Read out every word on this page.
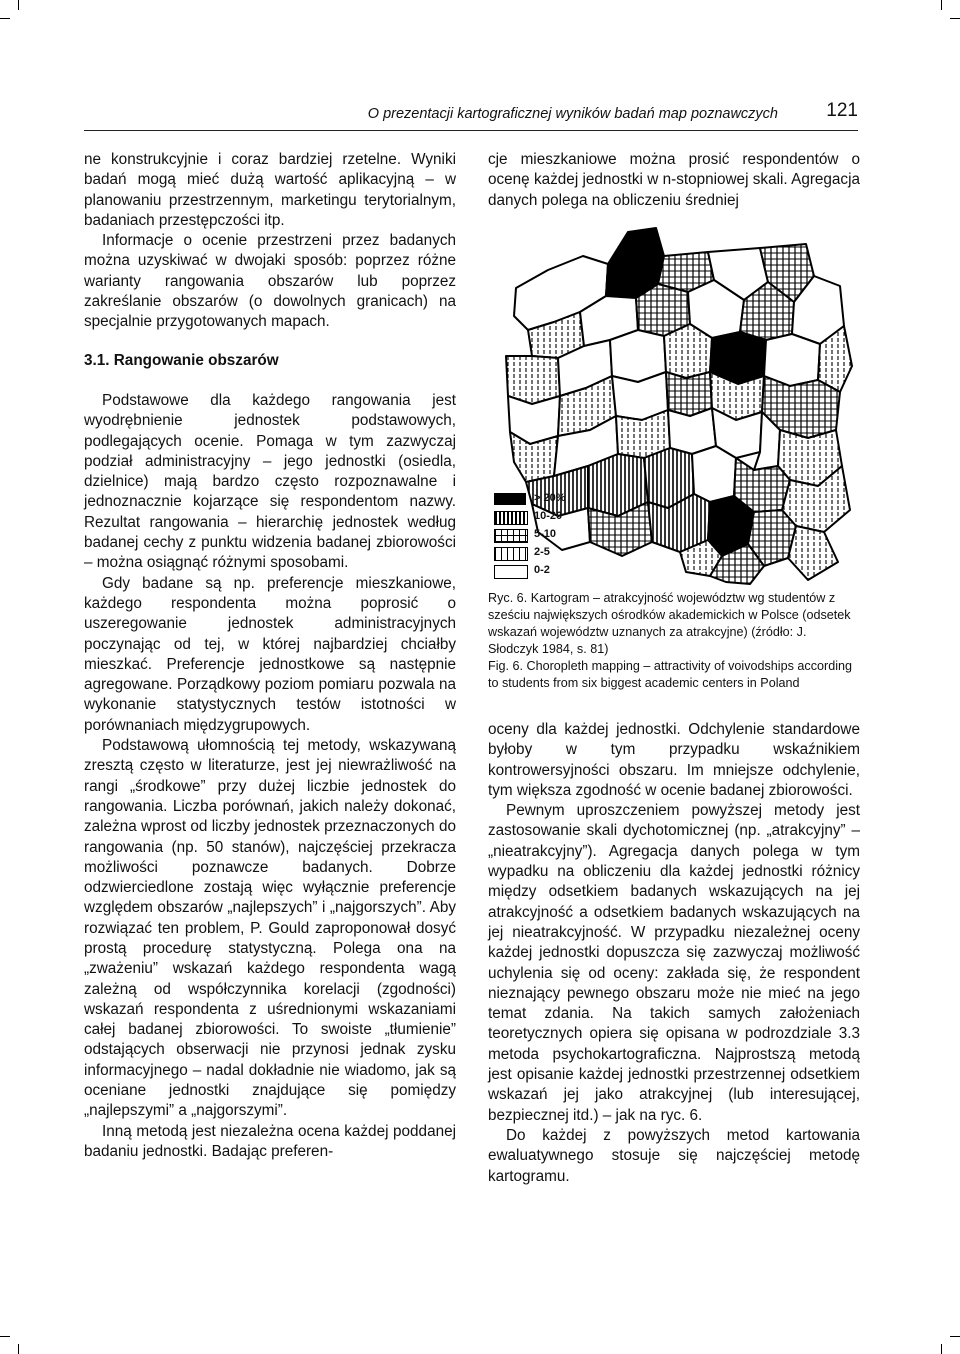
O prezentacji kartograficznej wyników badań map poznawczych	121

ne konstrukcyjnie i coraz bardziej rzetelne. Wyniki badań mogą mieć dużą wartość aplikacyjną – w planowaniu przestrzennym, marketingu terytorialnym, badaniach przestępczości itp.

Informacje o ocenie przestrzeni przez badanych można uzyskiwać w dwojaki sposób: poprzez różne warianty rangowania obszarów lub poprzez zakreślanie obszarów (o dowolnych granicach) na specjalnie przygotowanych mapach.

3.1. Rangowanie obszarów

Podstawowe dla każdego rangowania jest wyodrębnienie jednostek podstawowych, podlegających ocenie. Pomaga w tym zazwyczaj podział administracyjny – jego jednostki (osiedla, dzielnice) mają bardzo często rozpoznawalne i jednoznacznie kojarzące się respondentom nazwy. Rezultat rangowania – hierarchię jednostek według badanej cechy z punktu widzenia badanej zbiorowości – można osiągnąć różnymi sposobami.

Gdy badane są np. preferencje mieszkaniowe, każdego respondenta można poprosić o uszeregowanie jednostek administracyjnych poczynając od tej, w której najbardziej chciałby mieszkać. Preferencje jednostkowe są następnie agregowane. Porządkowy poziom pomiaru pozwala na wykonanie statystycznych testów istotności w porównaniach międzygrupowych.

Podstawową ułomnością tej metody, wskazywaną zresztą często w literaturze, jest jej niewrażliwość na rangi „środkowe” przy dużej liczbie jednostek do rangowania. Liczba porównań, jakich należy dokonać, zależna wprost od liczby jednostek przeznaczonych do rangowania (np. 50 stanów), najczęściej przekracza możliwości poznawcze badanych. Dobrze odzwierciedlone zostają więc wyłącznie preferencje względem obszarów „najlepszych” i „najgorszych”. Aby rozwiązać ten problem, P. Gould zaproponował dosyć prostą procedurę statystyczną. Polega ona na „zważeniu” wskazań każdego respondenta wagą zależną od współczynnika korelacji (zgodności) wskazań respondenta z uśrednionymi wskazaniami całej badanej zbiorowości. To swoiste „tłumienie” odstających obserwacji nie przynosi jednak zysku informacyjnego – nadal dokładnie nie wiadomo, jak są oceniane jednostki znajdujące się pomiędzy „najlepszymi” a „najgorszymi”.

Inną metodą jest niezależna ocena każdej poddanej badaniu jednostki. Badając preferen-

cje mieszkaniowe można prosić respondentów o ocenę każdej jednostki w n-stopniowej skali. Agregacja danych polega na obliczeniu średniej

> 20%
10-20
5-10
2-5
0-2

Ryc. 6. Kartogram – atrakcyjność województw wg studentów z sześciu największych ośrodków akademickich w Polsce (odsetek wskazań województw uznanych za atrakcyjne) (źródło: J. Słodczyk 1984, s. 81)

Fig. 6. Choropleth mapping – attractivity of voivodships according to students from six biggest academic centers in Poland

oceny dla każdej jednostki. Odchylenie standardowe byłoby w tym przypadku wskaźnikiem kontrowersyjności obszaru. Im mniejsze odchylenie, tym większa zgodność w ocenie badanej zbiorowości.

Pewnym uproszczeniem powyższej metody jest zastosowanie skali dychotomicznej (np. „atrakcyjny” – „nieatrakcyjny”). Agregacja danych polega w tym wypadku na obliczeniu dla każdej jednostki różnicy między odsetkiem badanych wskazujących na jej atrakcyjność a odsetkiem badanych wskazujących na jej nieatrakcyjność. W przypadku niezależnej oceny każdej jednostki dopuszcza się zazwyczaj możliwość uchylenia się od oceny: zakłada się, że respondent nieznający pewnego obszaru może nie mieć na jego temat zdania. Na takich samych założeniach teoretycznych opiera się opisana w podrozdziale 3.3 metoda psychokartograficzna. Najprostszą metodą jest opisanie każdej jednostki przestrzennej odsetkiem wskazań jej jako atrakcyjnej (lub interesującej, bezpiecznej itd.) – jak na ryc. 6.

Do każdej z powyższych metod kartowania ewaluatywnego stosuje się najczęściej metodę kartogramu.
